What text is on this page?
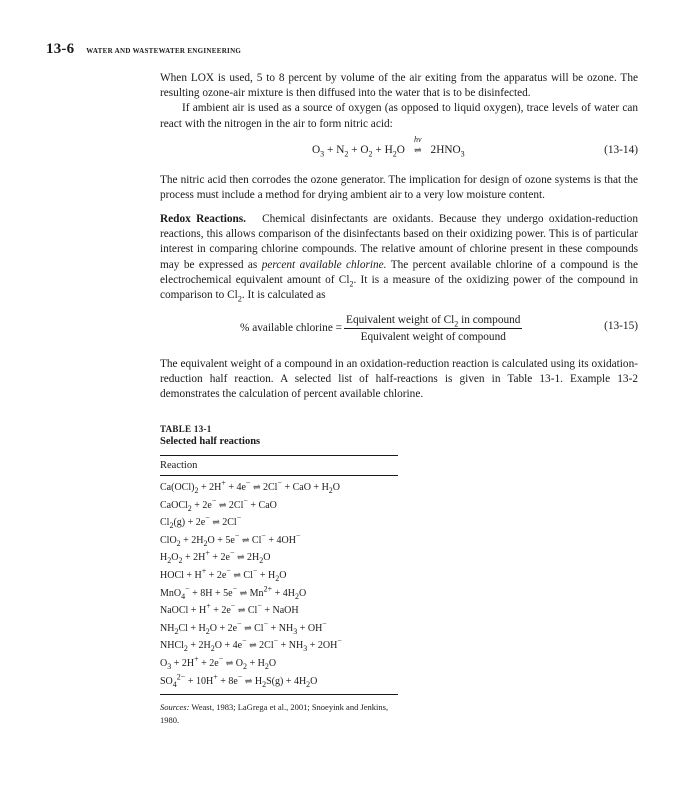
13-6 WATER AND WASTEWATER ENGINEERING

When LOX is used, 5 to 8 percent by volume of the air exiting from the apparatus will be ozone. The resulting ozone-air mixture is then diffused into the water that is to be disinfected.

If ambient air is used as a source of oxygen (as opposed to liquid oxygen), trace levels of water can react with the nitrogen in the air to form nitric acid:

$O_3 + N_2 + O_2 + H_2O$
hν
⇌ $2HNO_3$	(13-14)

The nitric acid then corrodes the ozone generator. The implication for design of ozone systems is that the process must include a method for drying ambient air to a very low moisture content.

Redox Reactions. Chemical disinfectants are oxidants. Because they undergo oxidation-reduction reactions, this allows comparison of the disinfectants based on their oxidizing power. This is of particular interest in comparing chlorine compounds. The relative amount of chlorine present in these compounds may be expressed as percent available chlorine. The percent available chlorine of a compound is the electrochemical equivalent amount of $Cl_2$. It is a measure of the oxidizing power of the compound in comparison to $Cl_2$. It is calculated as

% available chlorine = $\frac{Equivalent weight of Cl_2 in compound}{\text{Equivalent weight of compound}}$	(13-15)

The equivalent weight of a compound in an oxidation-reduction reaction is calculated using its oxidation-reduction half reaction. A selected list of half-reactions is given in Table 13-1. Example 13-2 demonstrates the calculation of percent available chlorine.

TABLE 13-1
Selected half reactions
Reaction
$Ca(OCl)_2 + 2H^+ + 4e^-$ ⇌ 2Cl− + CaO + $H_2O$
CaOCl$_2$ + 2e− ⇌ 2Cl− + CaO
$Cl_2(g) + 2e^-$ ⇌ 2Cl−
$ClO_2 + 2H_2O + 5e^-$ ⇌ Cl− + 4OH−
$H_2O_2 + 2H^+ + 2e^-$ ⇌ $2H_2O$
HOCl + H+ + 2e− ⇌ $Cl^- + H_2O$
MnO$_4$− + 8H + 5e− ⇌ $Mn^{2+} + 4H_2O$
NaOCl + H+ + 2e− ⇌ Cl− + NaOH
$NH_2Cl + H_2O + 2e^-$ ⇌ $Cl^- + NH_3 + OH^-$
NHCl$_2$ + $2H_2O + 4e^-$ ⇌ $2Cl^- + NH_3 + 2OH^-$
$O_3 + 2H^+ + 2e^-$ ⇌ $O_2 + H_2O$
$SO_4^{2-} + 10H^+ + 8e^-$ ⇌ $H_2S(g) + 4H_2O$
Sources: Weast, 1983; LaGrega et al., 2001; Snoeyink and Jenkins, 1980.
